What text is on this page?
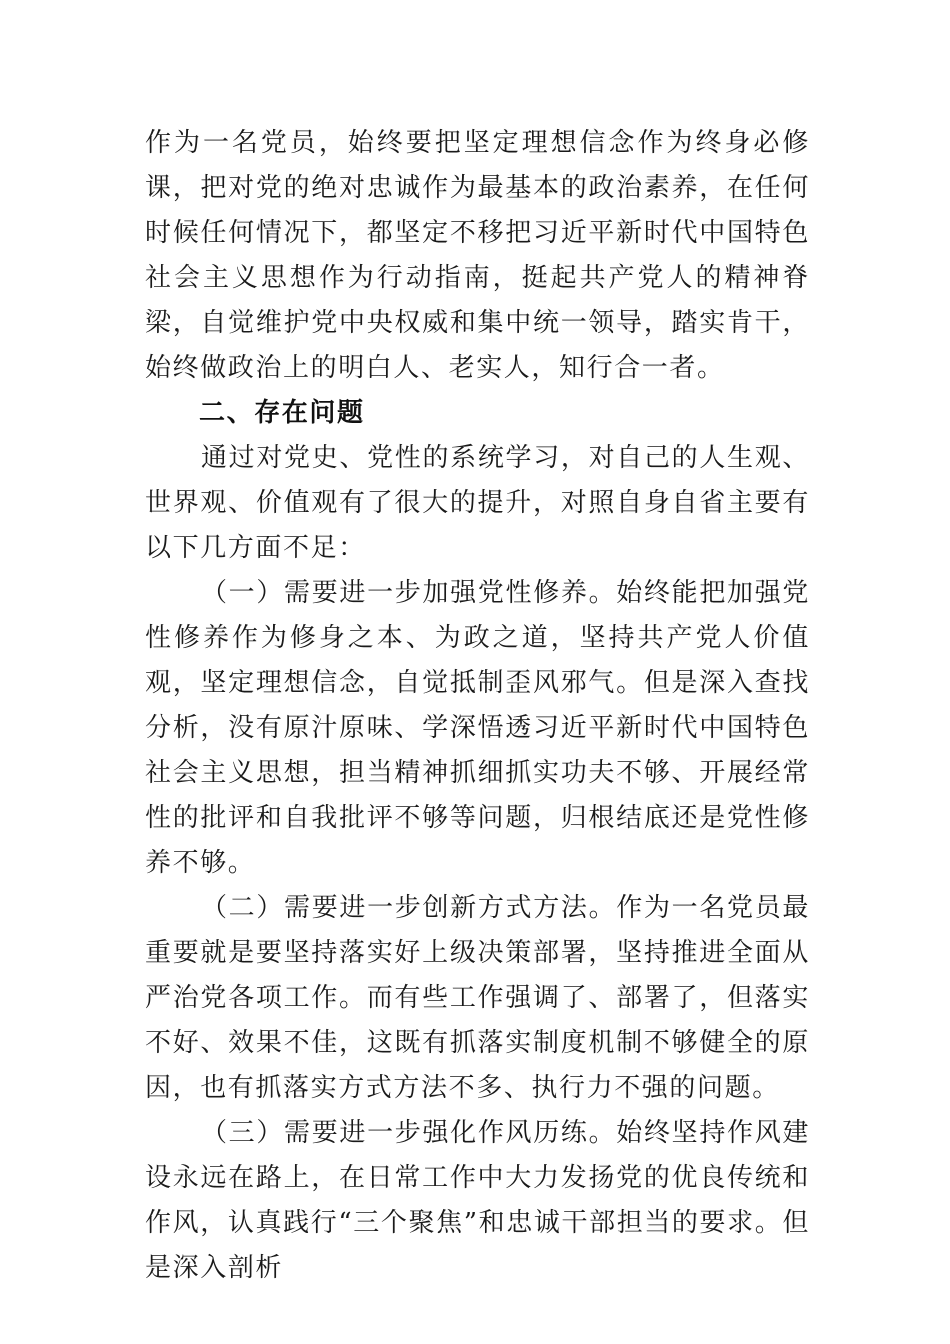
作为一名党员，始终要把坚定理想信念作为终身必修课，把对党的绝对忠诚作为最基本的政治素养，在任何时候任何情况下，都坚定不移把习近平新时代中国特色社会主义思想作为行动指南，挺起共产党人的精神脊梁，自觉维护党中央权威和集中统一领导，踏实肯干，始终做政治上的明白人、老实人，知行合一者。

二、存在问题

通过对党史、党性的系统学习，对自己的人生观、世界观、价值观有了很大的提升，对照自身自省主要有以下几方面不足：

（一）需要进一步加强党性修养。始终能把加强党性修养作为修身之本、为政之道，坚持共产党人价值观，坚定理想信念，自觉抵制歪风邪气。但是深入查找分析，没有原汁原味、学深悟透习近平新时代中国特色社会主义思想，担当精神抓细抓实功夫不够、开展经常性的批评和自我批评不够等问题，归根结底还是党性修养不够。

（二）需要进一步创新方式方法。作为一名党员最重要就是要坚持落实好上级决策部署，坚持推进全面从严治党各项工作。而有些工作强调了、部署了，但落实不好、效果不佳，这既有抓落实制度机制不够健全的原因，也有抓落实方式方法不多、执行力不强的问题。

（三）需要进一步强化作风历练。始终坚持作风建设永远在路上，在日常工作中大力发扬党的优良传统和作风，认真践行“三个聚焦”和忠诚干部担当的要求。但是深入剖析
